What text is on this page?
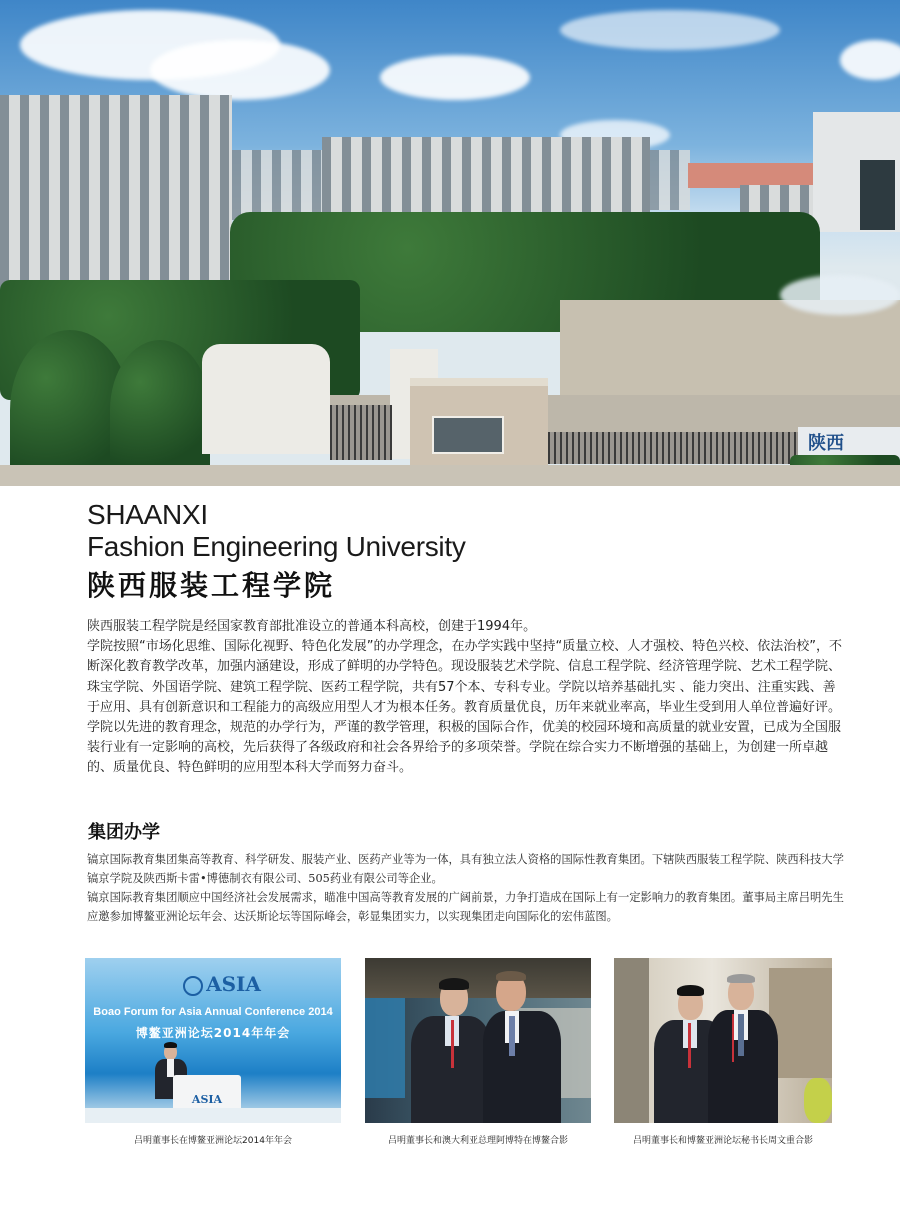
陕西
SHAANXI
Fashion Engineering University
陕西服装工程学院

陕西服装工程学院是经国家教育部批准设立的普通本科高校，创建于1994年。

学院按照“市场化思维、国际化视野、特色化发展”的办学理念，在办学实践中坚持“质量立校、人才强校、特色兴校、依法治校”，不断深化教育教学改革，加强内涵建设，形成了鲜明的办学特色。现设服装艺术学院、信息工程学院、经济管理学院、艺术工程学院、珠宝学院、外国语学院、建筑工程学院、医药工程学院，共有57个本、专科专业。学院以培养基础扎实 、能力突出、注重实践、善于应用、具有创新意识和工程能力的高级应用型人才为根本任务。教育质量优良，历年来就业率高，毕业生受到用人单位普遍好评。

学院以先进的教育理念，规范的办学行为，严谨的教学管理，积极的国际合作，优美的校园环境和高质量的就业安置，已成为全国服装行业有一定影响的高校，先后获得了各级政府和社会各界给予的多项荣誉。学院在综合实力不断增强的基础上，为创建一所卓越的、质量优良、特色鲜明的应用型本科大学而努力奋斗。

集团办学

镐京国际教育集团集高等教育、科学研发、服装产业、医药产业等为一体，具有独立法人资格的国际性教育集团。下辖陕西服装工程学院、陕西科技大学镐京学院及陕西斯卡雷•博德制衣有限公司、505药业有限公司等企业。

镐京国际教育集团顺应中国经济社会发展需求，瞄准中国高等教育发展的广阔前景，力争打造成在国际上有一定影响力的教育集团。董事局主席吕明先生应邀参加博鳌亚洲论坛年会、达沃斯论坛等国际峰会，彰显集团实力，以实现集团走向国际化的宏伟蓝图。

ASIA
Boao Forum for Asia Annual Conference 2014
博鳌亚洲论坛2014年年会
ASIA
吕明董事长在博鳌亚洲论坛2014年年会	吕明董事长和澳大利亚总理阿博特在博鳌合影	吕明董事长和博鳌亚洲论坛秘书长周文重合影
